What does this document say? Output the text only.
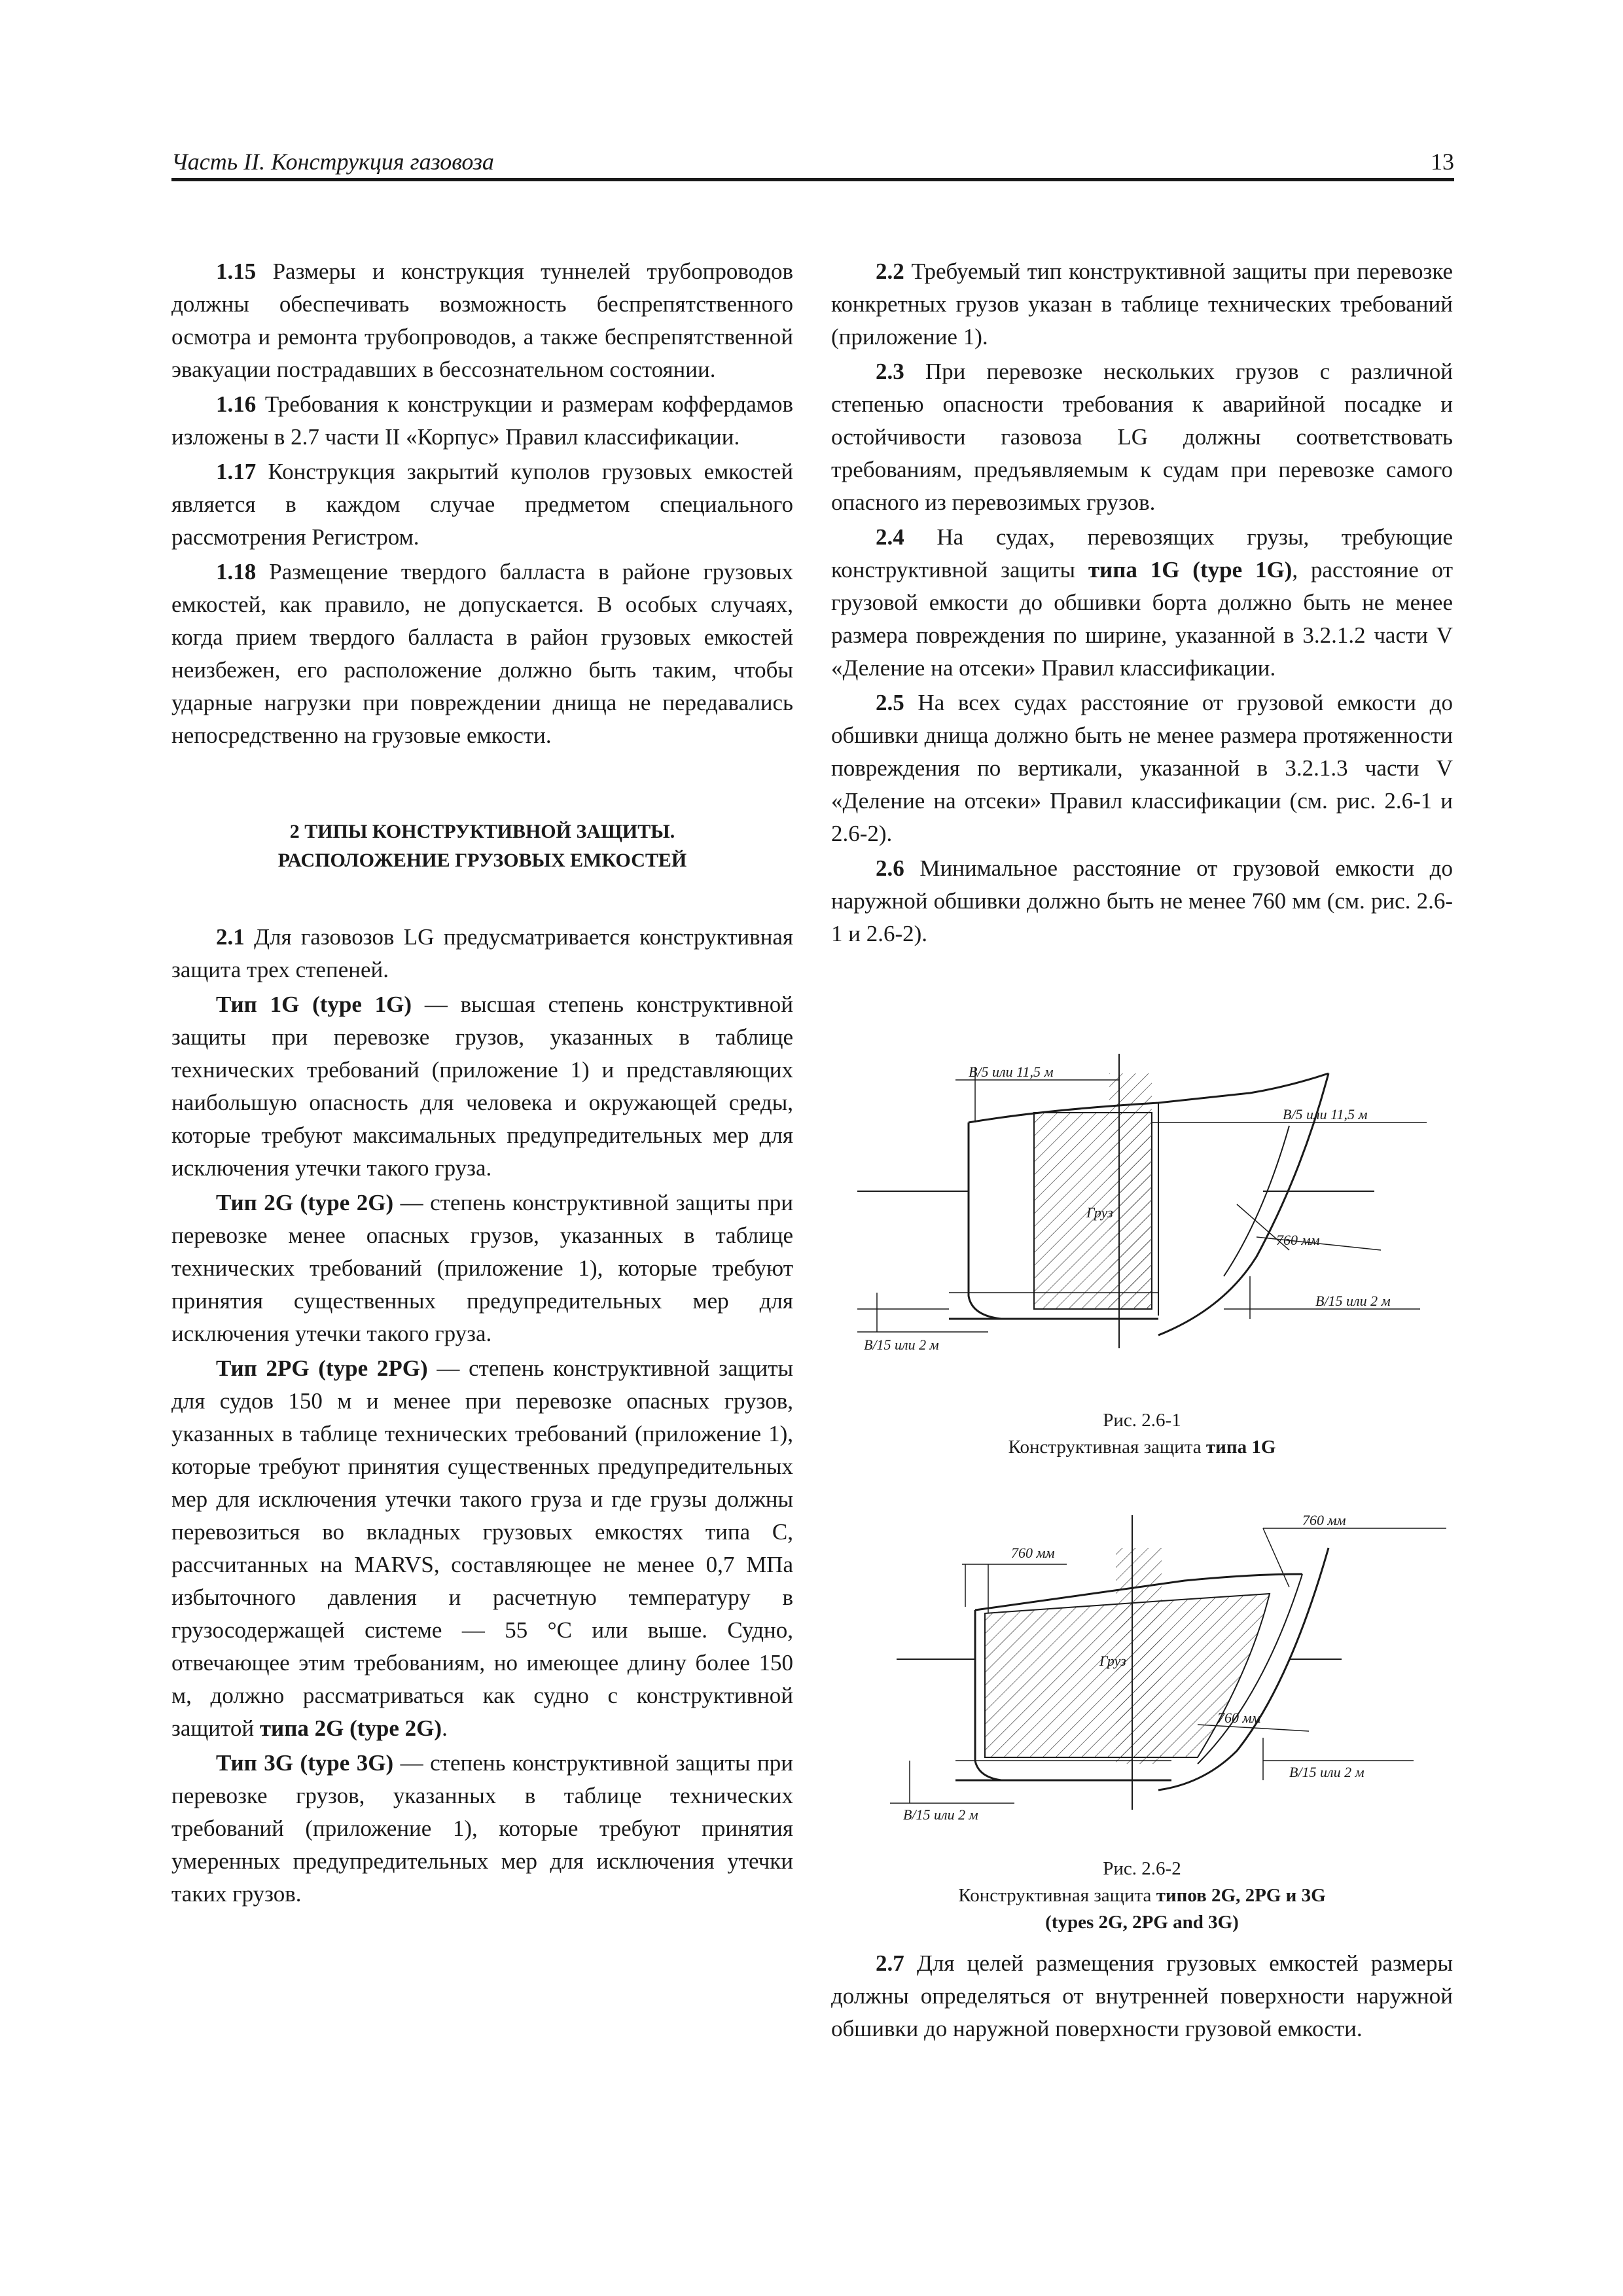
Часть II. Конструкция газовоза	13

1.15 Размеры и конструкция туннелей трубопроводов должны обеспечивать возможность беспрепятственного осмотра и ремонта трубопроводов, а также беспрепятственной эвакуации пострадавших в бессознательном состоянии.

1.16 Требования к конструкции и размерам коффердамов изложены в 2.7 части II «Корпус» Правил классификации.

1.17 Конструкция закрытий куполов грузовых емкостей является в каждом случае предметом специального рассмотрения Регистром.

1.18 Размещение твердого балласта в районе грузовых емкостей, как правило, не допускается. В особых случаях, когда прием твердого балласта в район грузовых емкостей неизбежен, его расположение должно быть таким, чтобы ударные нагрузки при повреждении днища не передавались непосредственно на грузовые емкости.

2 ТИПЫ КОНСТРУКТИВНОЙ ЗАЩИТЫ.
РАСПОЛОЖЕНИЕ ГРУЗОВЫХ ЕМКОСТЕЙ

2.1 Для газовозов LG предусматривается конструктивная защита трех степеней.

Тип 1G (type 1G) — высшая степень конструктивной защиты при перевозке грузов, указанных в таблице технических требований (приложение 1) и представляющих наибольшую опасность для человека и окружающей среды, которые требуют максимальных предупредительных мер для исключения утечки такого груза.

Тип 2G (type 2G) — степень конструктивной защиты при перевозке менее опасных грузов, указанных в таблице технических требований (приложение 1), которые требуют принятия существенных предупредительных мер для исключения утечки такого груза.

Тип 2PG (type 2PG) — степень конструктивной защиты для судов 150 м и менее при перевозке опасных грузов, указанных в таблице технических требований (приложение 1), которые требуют принятия существенных предупредительных мер для исключения утечки такого груза и где грузы должны перевозиться во вкладных грузовых емкостях типа С, рассчитанных на MARVS, составляющее не менее 0,7 МПа избыточного давления и расчетную температуру в грузосодержащей системе — 55 °С или выше. Судно, отвечающее этим требованиям, но имеющее длину более 150 м, должно рассматриваться как судно с конструктивной защитой типа 2G (type 2G).

Тип 3G (type 3G) — степень конструктивной защиты при перевозке грузов, указанных в таблице технических требований (приложение 1), которые требуют принятия умеренных предупредительных мер для исключения утечки таких грузов.

2.2 Требуемый тип конструктивной защиты при перевозке конкретных грузов указан в таблице технических требований (приложение 1).

2.3 При перевозке нескольких грузов с различной степенью опасности требования к аварийной посадке и остойчивости газовоза LG должны соответствовать требованиям, предъявляемым к судам при перевозке самого опасного из перевозимых грузов.

2.4 На судах, перевозящих грузы, требующие конструктивной защиты типа 1G (type 1G), расстояние от грузовой емкости до обшивки борта должно быть не менее размера повреждения по ширине, указанной в 3.2.1.2 части V «Деление на отсеки» Правил классификации.

2.5 На всех судах расстояние от грузовой емкости до обшивки днища должно быть не менее размера протяженности повреждения по вертикали, указанной в 3.2.1.3 части V «Деление на отсеки» Правил классификации (см. рис. 2.6-1 и 2.6-2).

2.6 Минимальное расстояние от грузовой емкости до наружной обшивки должно быть не менее 760 мм (см. рис. 2.6-1 и 2.6-2).

B/5 или 11,5 м
B/5 или 11,5 м
Груз
760 мм
B/15 или 2 м
B/15 или 2 м
Рис. 2.6-1
Конструктивная защита типа 1G
760 мм
760 мм
Груз
760 мм
B/15 или 2 м
B/15 или 2 м
Рис. 2.6-2
Конструктивная защита типов 2G, 2PG и 3G
(types 2G, 2PG and 3G)

2.7 Для целей размещения грузовых емкостей размеры должны определяться от внутренней поверхности наружной обшивки до наружной поверхности грузовой емкости.
